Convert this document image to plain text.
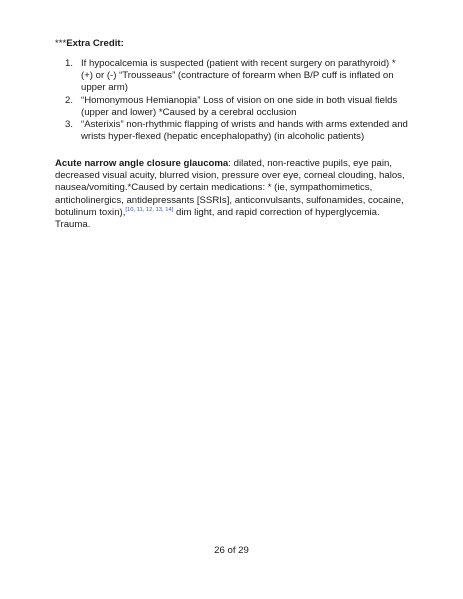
***Extra Credit:

1. If hypocalcemia is suspected (patient with recent surgery on parathyroid) * (+) or (-) “Trousseaus” (contracture of forearm when B/P cuff is inflated on upper arm)
2. “Homonymous Hemianopia” Loss of vision on one side in both visual fields (upper and lower) *Caused by a cerebral occlusion
3. “Asterixis” non-rhythmic flapping of wrists and hands with arms extended and wrists hyper-flexed (hepatic encephalopathy) (in alcoholic patients)

Acute narrow angle closure glaucoma: dilated, non-reactive pupils, eye pain, decreased visual acuity, blurred vision, pressure over eye, corneal clouding, halos, nausea/vomiting.*Caused by certain medications: * (ie, sympathomimetics, anticholinergics, antidepressants [SSRIs], anticonvulsants, sulfonamides, cocaine, botulinum toxin),[10, 11, 12, 13, 14] dim light, and rapid correction of hyperglycemia. Trauma.

26 of 29
